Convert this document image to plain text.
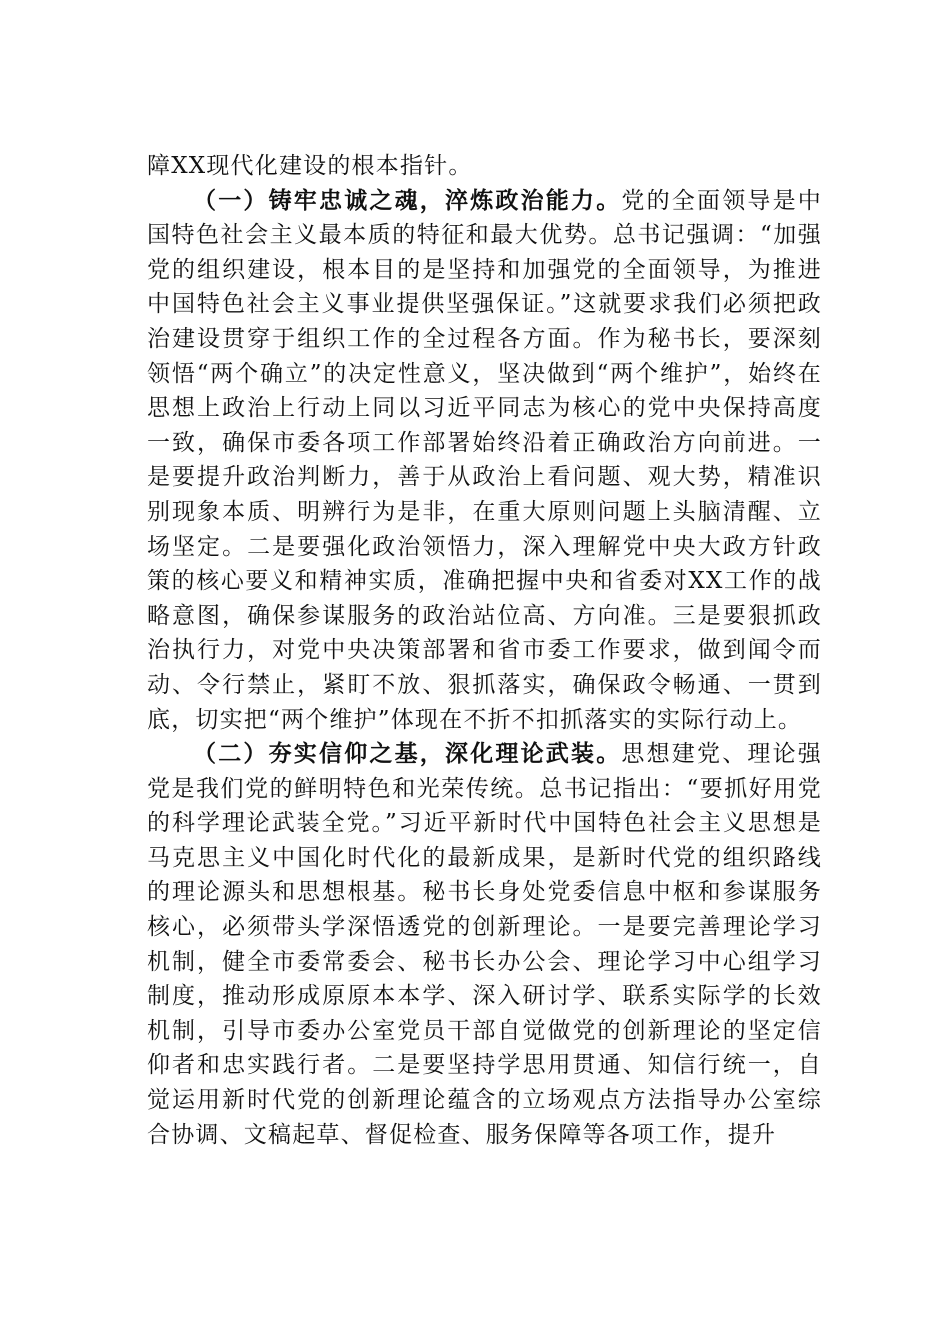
障XX现代化建设的根本指针。

（一）铸牢忠诚之魂，淬炼政治能力。党的全面领导是中国特色社会主义最本质的特征和最大优势。总书记强调：“加强党的组织建设，根本目的是坚持和加强党的全面领导，为推进中国特色社会主义事业提供坚强保证。”这就要求我们必须把政治建设贯穿于组织工作的全过程各方面。作为秘书长，要深刻领悟“两个确立”的决定性意义，坚决做到“两个维护”，始终在思想上政治上行动上同以习近平同志为核心的党中央保持高度一致，确保市委各项工作部署始终沿着正确政治方向前进。一是要提升政治判断力，善于从政治上看问题、观大势，精准识别现象本质、明辨行为是非，在重大原则问题上头脑清醒、立场坚定。二是要强化政治领悟力，深入理解党中央大政方针政策的核心要义和精神实质，准确把握中央和省委对XX工作的战略意图，确保参谋服务的政治站位高、方向准。三是要狠抓政治执行力，对党中央决策部署和省市委工作要求，做到闻令而动、令行禁止，紧盯不放、狠抓落实，确保政令畅通、一贯到底，切实把“两个维护”体现在不折不扣抓落实的实际行动上。

（二）夯实信仰之基，深化理论武装。思想建党、理论强党是我们党的鲜明特色和光荣传统。总书记指出：“要抓好用党的科学理论武装全党。”习近平新时代中国特色社会主义思想是马克思主义中国化时代化的最新成果，是新时代党的组织路线的理论源头和思想根基。秘书长身处党委信息中枢和参谋服务核心，必须带头学深悟透党的创新理论。一是要完善理论学习机制，健全市委常委会、秘书长办公会、理论学习中心组学习制度，推动形成原原本本学、深入研讨学、联系实际学的长效机制，引导市委办公室党员干部自觉做党的创新理论的坚定信仰者和忠实践行者。二是要坚持学思用贯通、知信行统一，自觉运用新时代党的创新理论蕴含的立场观点方法指导办公室综合协调、文稿起草、督促检查、服务保障等各项工作，提升
